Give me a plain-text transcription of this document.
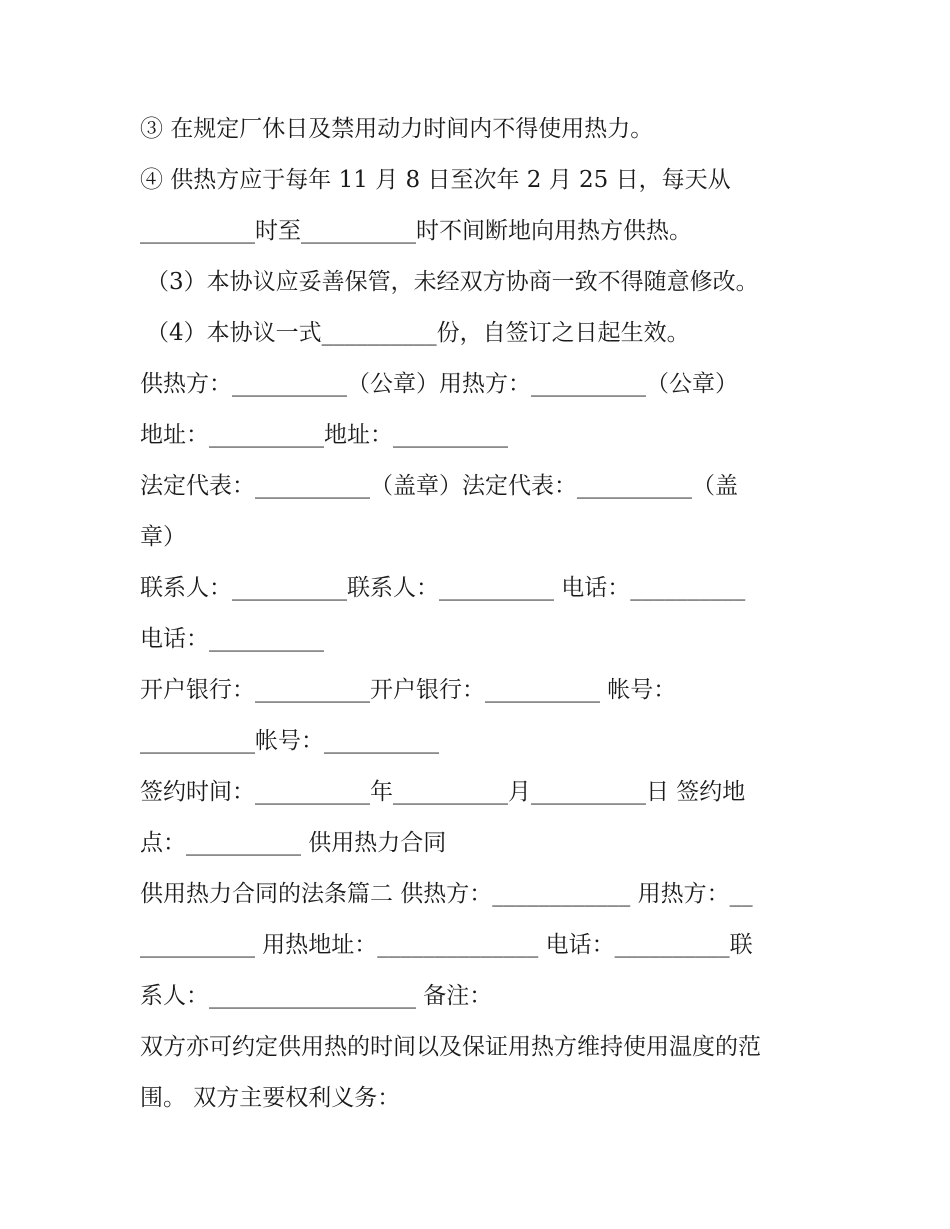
③ 在规定厂休日及禁用动力时间内不得使用热力。
④ 供热方应于每年 11 月 8 日至次年 2 月 25 日，每天从
__________时至__________时不间断地向用热方供热。
（3）本协议应妥善保管，未经双方协商一致不得随意修改。
（4）本协议一式__________份，自签订之日起生效。
供热方：__________（公章）用热方：__________（公章）
地址：__________地址：__________
法定代表：__________（盖章）法定代表：__________（盖
章）
联系人：__________联系人：__________ 电话：__________
电话：__________
开户银行：__________开户银行：__________ 帐号：
__________帐号：__________
签约时间：__________年__________月__________日 签约地
点：__________ 供用热力合同
供用热力合同的法条篇二 供热方：____________ 用热方：__
__________ 用热地址：______________ 电话：__________联
系人：__________________ 备注：
双方亦可约定供用热的时间以及保证用热方维持使用温度的范
围。 双方主要权利义务：
